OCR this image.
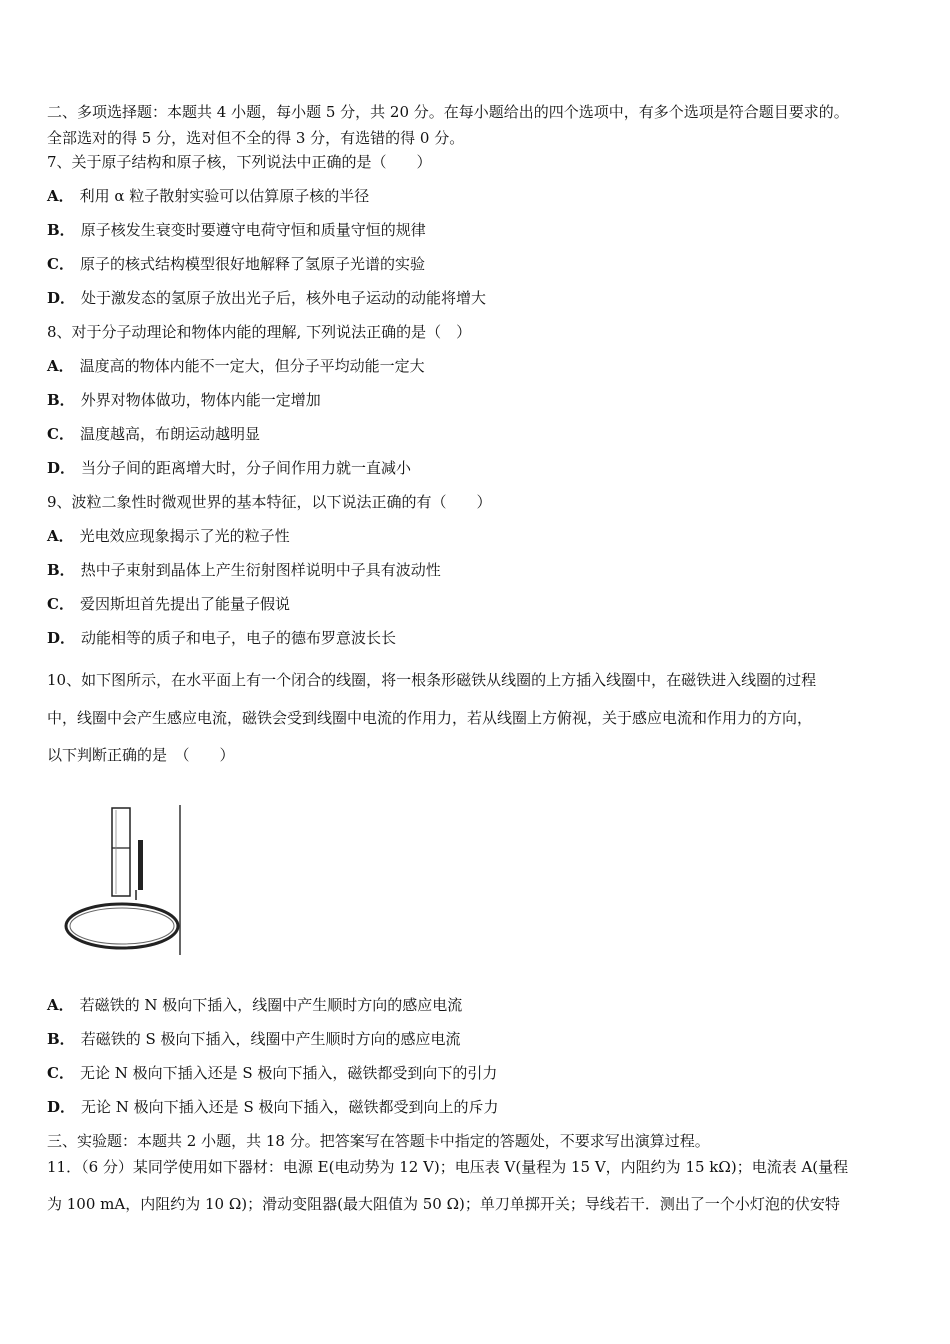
二、多项选择题：本题共 4 小题，每小题 5 分，共 20 分。在每小题给出的四个选项中，有多个选项是符合题目要求的。
全部选对的得 5 分，选对但不全的得 3 分，有选错的得 0 分。
7、关于原子结构和原子核，下列说法中正确的是（　　）
A． 利用 α 粒子散射实验可以估算原子核的半径
B． 原子核发生衰变时要遵守电荷守恒和质量守恒的规律
C． 原子的核式结构模型很好地解释了氢原子光谱的实验
D． 处于激发态的氢原子放出光子后，核外电子运动的动能将增大
8、对于分子动理论和物体内能的理解, 下列说法正确的是（　）
A． 温度高的物体内能不一定大，但分子平均动能一定大
B． 外界对物体做功，物体内能一定增加
C． 温度越高，布朗运动越明显
D． 当分子间的距离增大时，分子间作用力就一直减小
9、波粒二象性时微观世界的基本特征，以下说法正确的有（　　）
A． 光电效应现象揭示了光的粒子性
B． 热中子束射到晶体上产生衍射图样说明中子具有波动性
C． 爱因斯坦首先提出了能量子假说
D． 动能相等的质子和电子，电子的德布罗意波长长
10、如下图所示，在水平面上有一个闭合的线圈，将一根条形磁铁从线圈的上方插入线圈中，在磁铁进入线圈的过程
中，线圈中会产生感应电流，磁铁会受到线圈中电流的作用力，若从线圈上方俯视，关于感应电流和作用力的方向，
以下判断正确的是　（　　）
A． 若磁铁的 N 极向下插入，线圈中产生顺时方向的感应电流
B． 若磁铁的 S 极向下插入，线圈中产生顺时方向的感应电流
C． 无论 N 极向下插入还是 S 极向下插入，磁铁都受到向下的引力
D． 无论 N 极向下插入还是 S 极向下插入，磁铁都受到向上的斥力
三、实验题：本题共 2 小题，共 18 分。把答案写在答题卡中指定的答题处，不要求写出演算过程。
11．（6 分）某同学使用如下器材：电源 E(电动势为 12 V)；电压表 V(量程为 15 V，内阻约为 15 kΩ)；电流表 A(量程
为 100 mA，内阻约为 10 Ω)；滑动变阻器(最大阻值为 50 Ω)；单刀单掷开关；导线若干．测出了一个小灯泡的伏安特
